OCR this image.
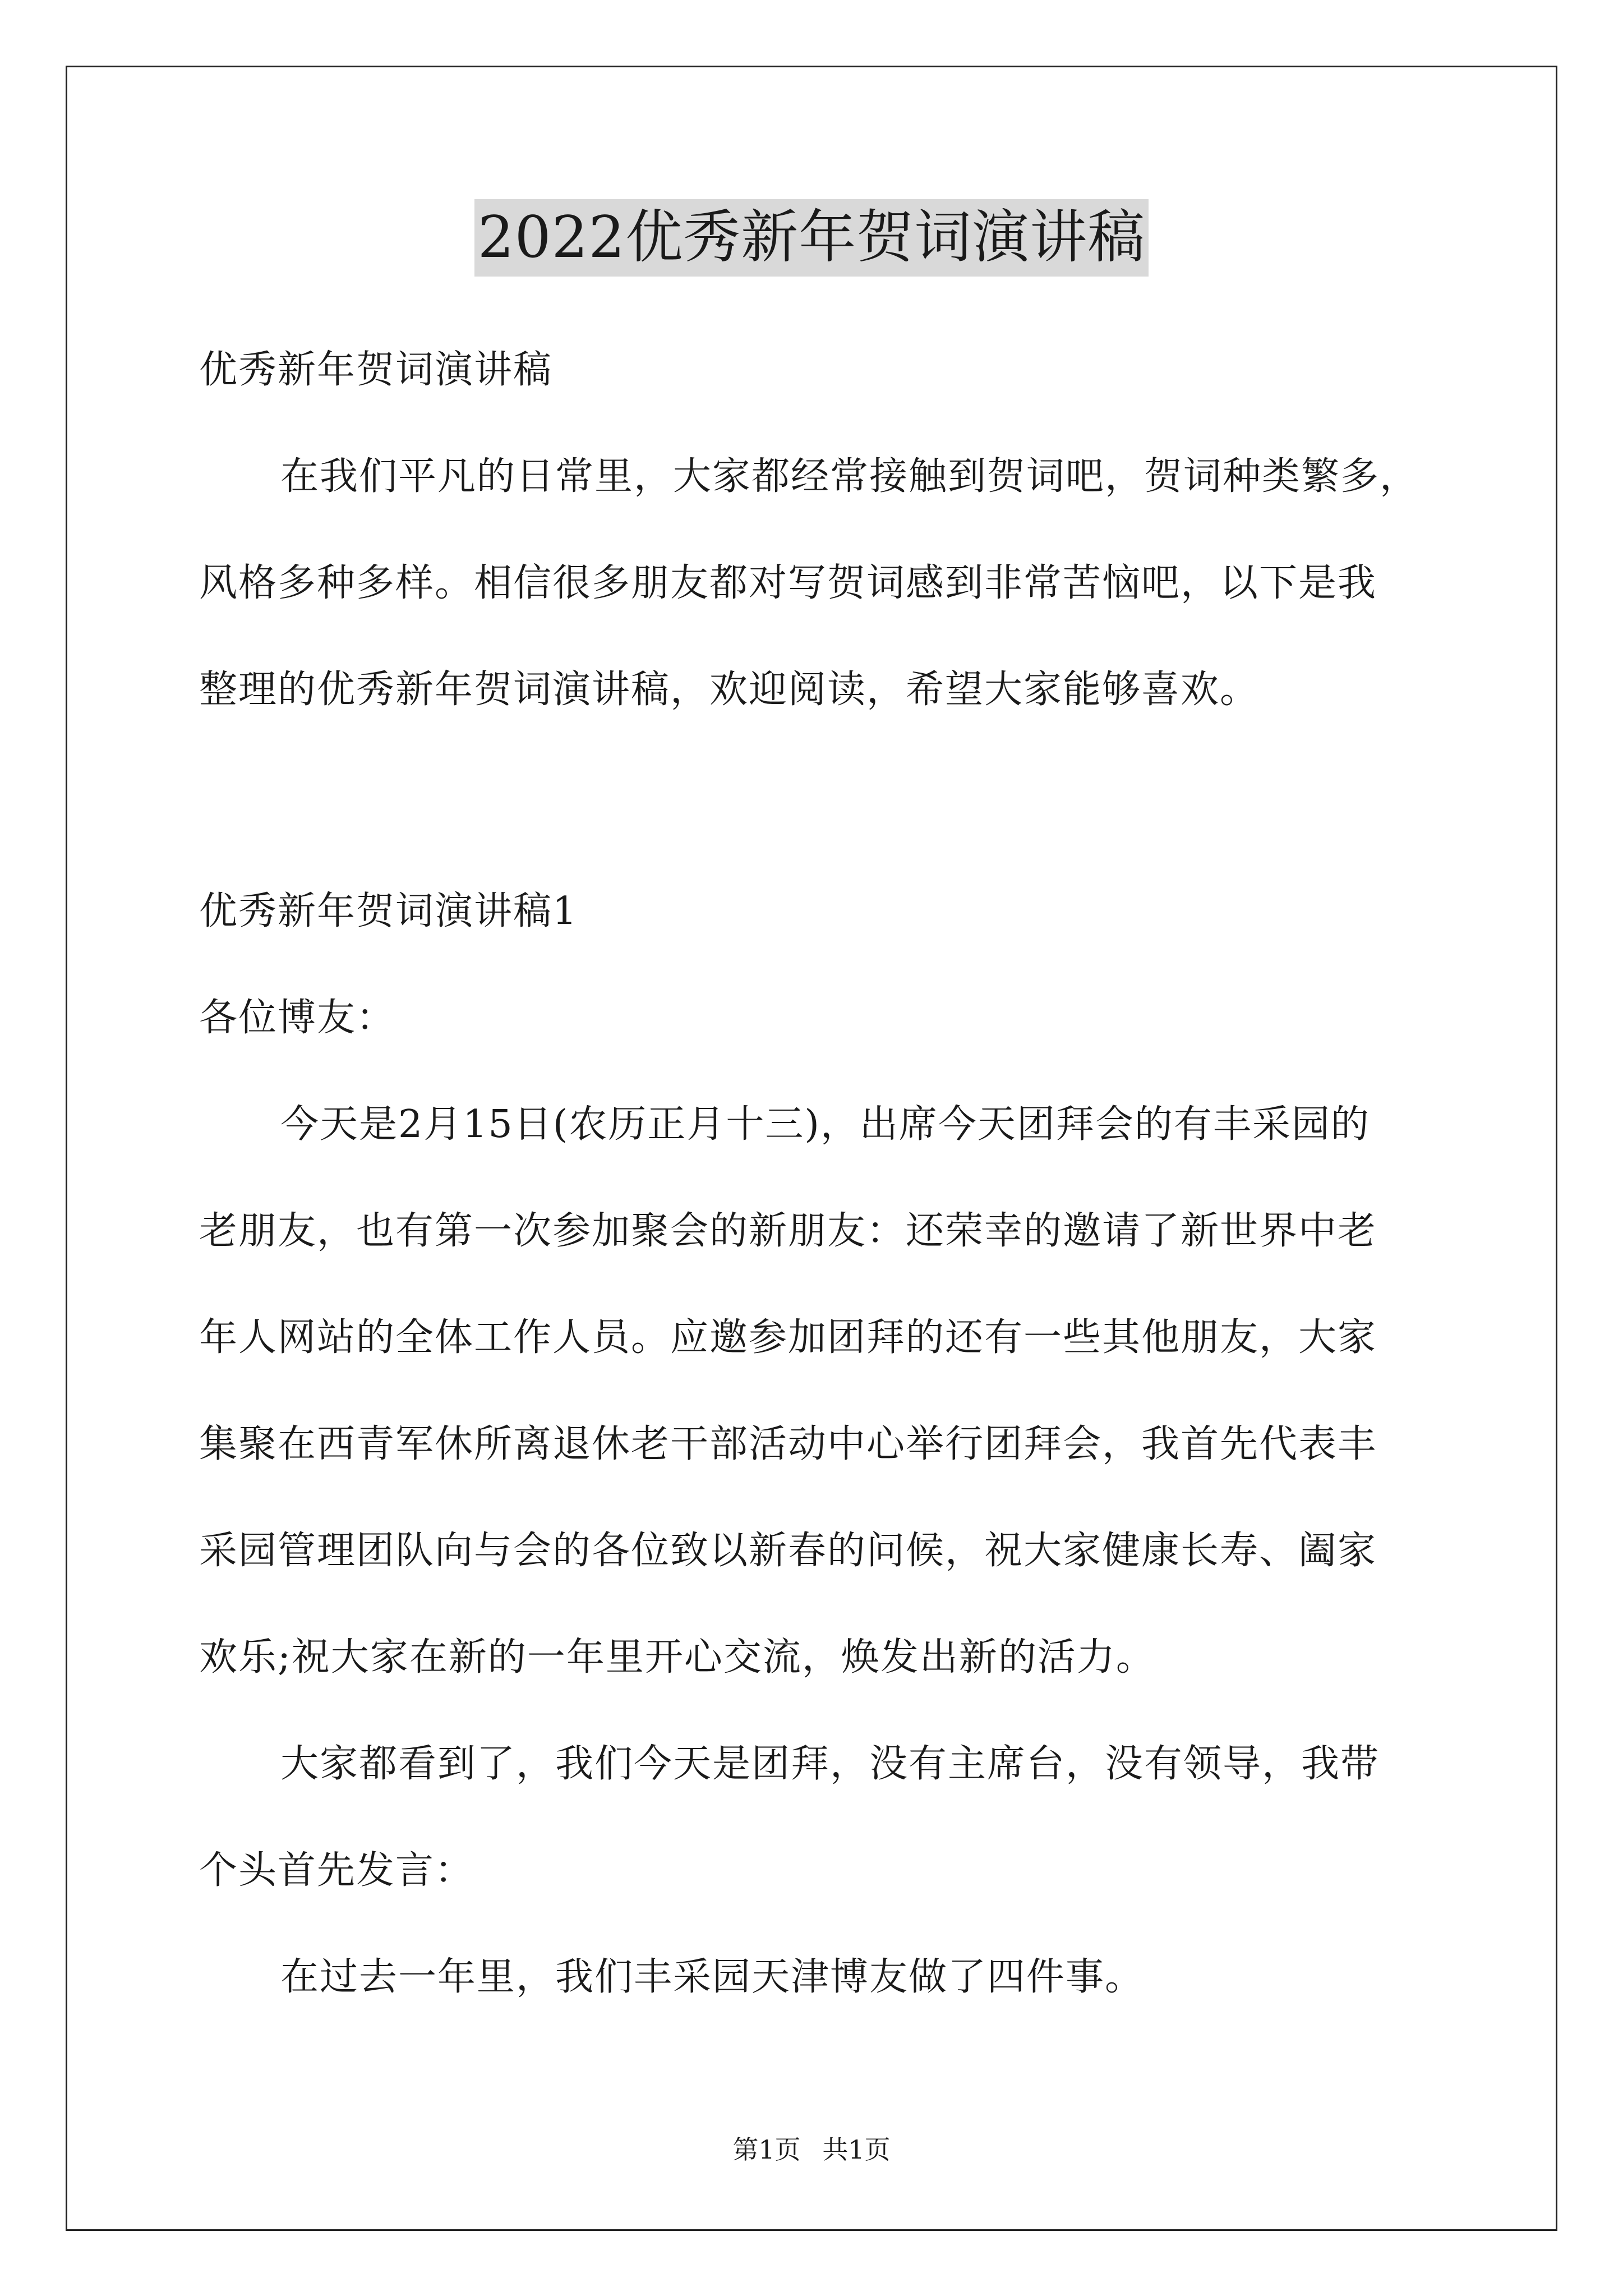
2022优秀新年贺词演讲稿
优秀新年贺词演讲稿
在我们平凡的日常里，大家都经常接触到贺词吧，贺词种类繁多，
风格多种多样。相信很多朋友都对写贺词感到非常苦恼吧，以下是我
整理的优秀新年贺词演讲稿，欢迎阅读，希望大家能够喜欢。
优秀新年贺词演讲稿1
各位博友：
今天是2月15日(农历正月十三)，出席今天团拜会的有丰采园的
老朋友，也有第一次参加聚会的新朋友：还荣幸的邀请了新世界中老
年人网站的全体工作人员。应邀参加团拜的还有一些其他朋友，大家
集聚在西青军休所离退休老干部活动中心举行团拜会，我首先代表丰
采园管理团队向与会的各位致以新春的问候，祝大家健康长寿、阖家
欢乐;祝大家在新的一年里开心交流，焕发出新的活力。
大家都看到了，我们今天是团拜，没有主席台，没有领导，我带
个头首先发言：
在过去一年里，我们丰采园天津博友做了四件事。
第1页 共1页
